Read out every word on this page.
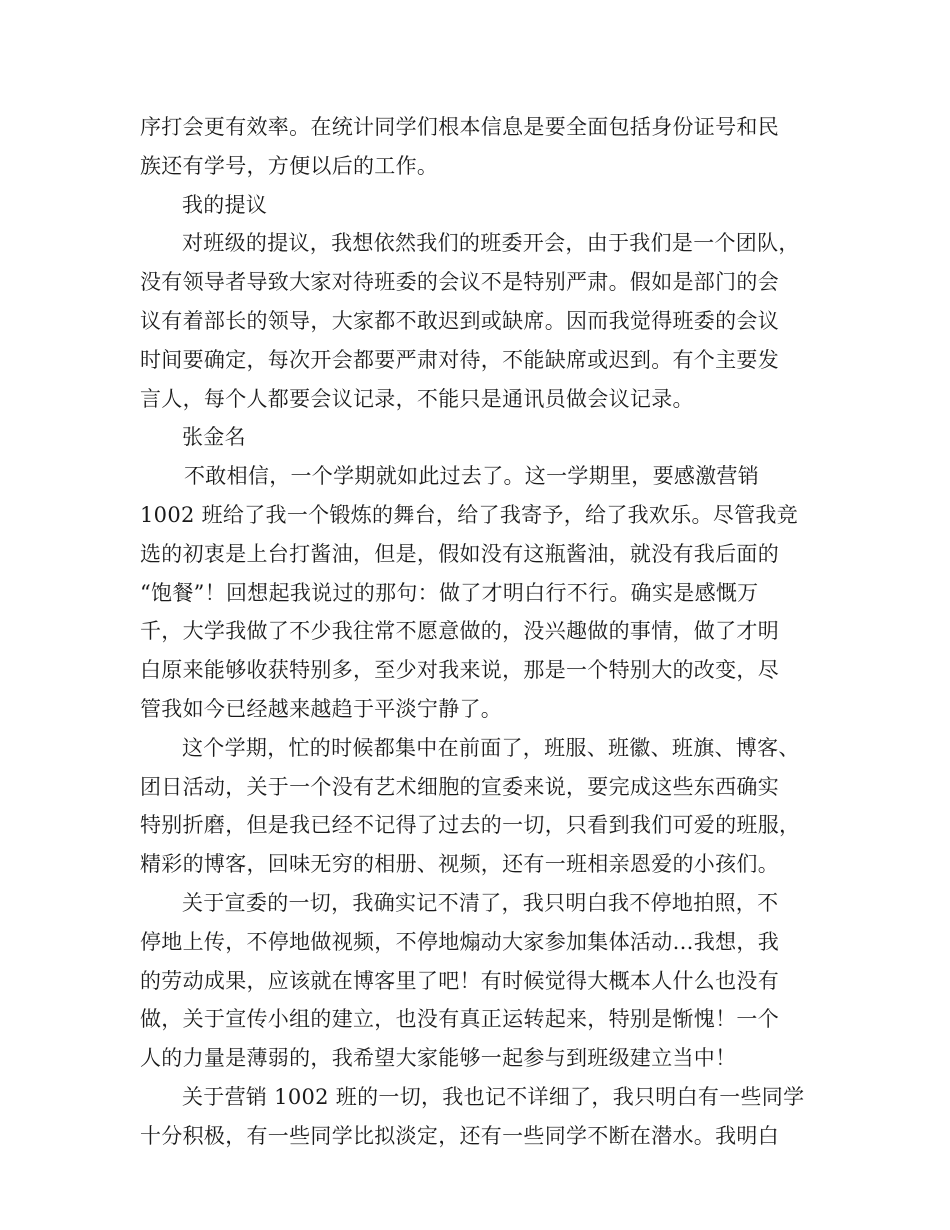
序打会更有效率。在统计同学们根本信息是要全面包括身份证号和民
族还有学号，方便以后的工作。
我的提议
对班级的提议，我想依然我们的班委开会，由于我们是一个团队，
没有领导者导致大家对待班委的会议不是特别严肃。假如是部门的会
议有着部长的领导，大家都不敢迟到或缺席。因而我觉得班委的会议
时间要确定，每次开会都要严肃对待，不能缺席或迟到。有个主要发
言人，每个人都要会议记录，不能只是通讯员做会议记录。
张金名
不敢相信，一个学期就如此过去了。这一学期里，要感激营销
1002 班给了我一个锻炼的舞台，给了我寄予，给了我欢乐。尽管我竞
选的初衷是上台打酱油，但是，假如没有这瓶酱油，就没有我后面的
“饱餐”！回想起我说过的那句：做了才明白行不行。确实是感慨万
千，大学我做了不少我往常不愿意做的，没兴趣做的事情，做了才明
白原来能够收获特别多，至少对我来说，那是一个特别大的改变，尽
管我如今已经越来越趋于平淡宁静了。
这个学期，忙的时候都集中在前面了，班服、班徽、班旗、博客、
团日活动，关于一个没有艺术细胞的宣委来说，要完成这些东西确实
特别折磨，但是我已经不记得了过去的一切，只看到我们可爱的班服，
精彩的博客，回味无穷的相册、视频，还有一班相亲恩爱的小孩们。
关于宣委的一切，我确实记不清了，我只明白我不停地拍照，不
停地上传，不停地做视频，不停地煽动大家参加集体活动…我想，我
的劳动成果，应该就在博客里了吧！有时候觉得大概本人什么也没有
做，关于宣传小组的建立，也没有真正运转起来，特别是惭愧！一个
人的力量是薄弱的，我希望大家能够一起参与到班级建立当中！
关于营销 1002 班的一切，我也记不详细了，我只明白有一些同学
十分积极，有一些同学比拟淡定，还有一些同学不断在潜水。我明白
